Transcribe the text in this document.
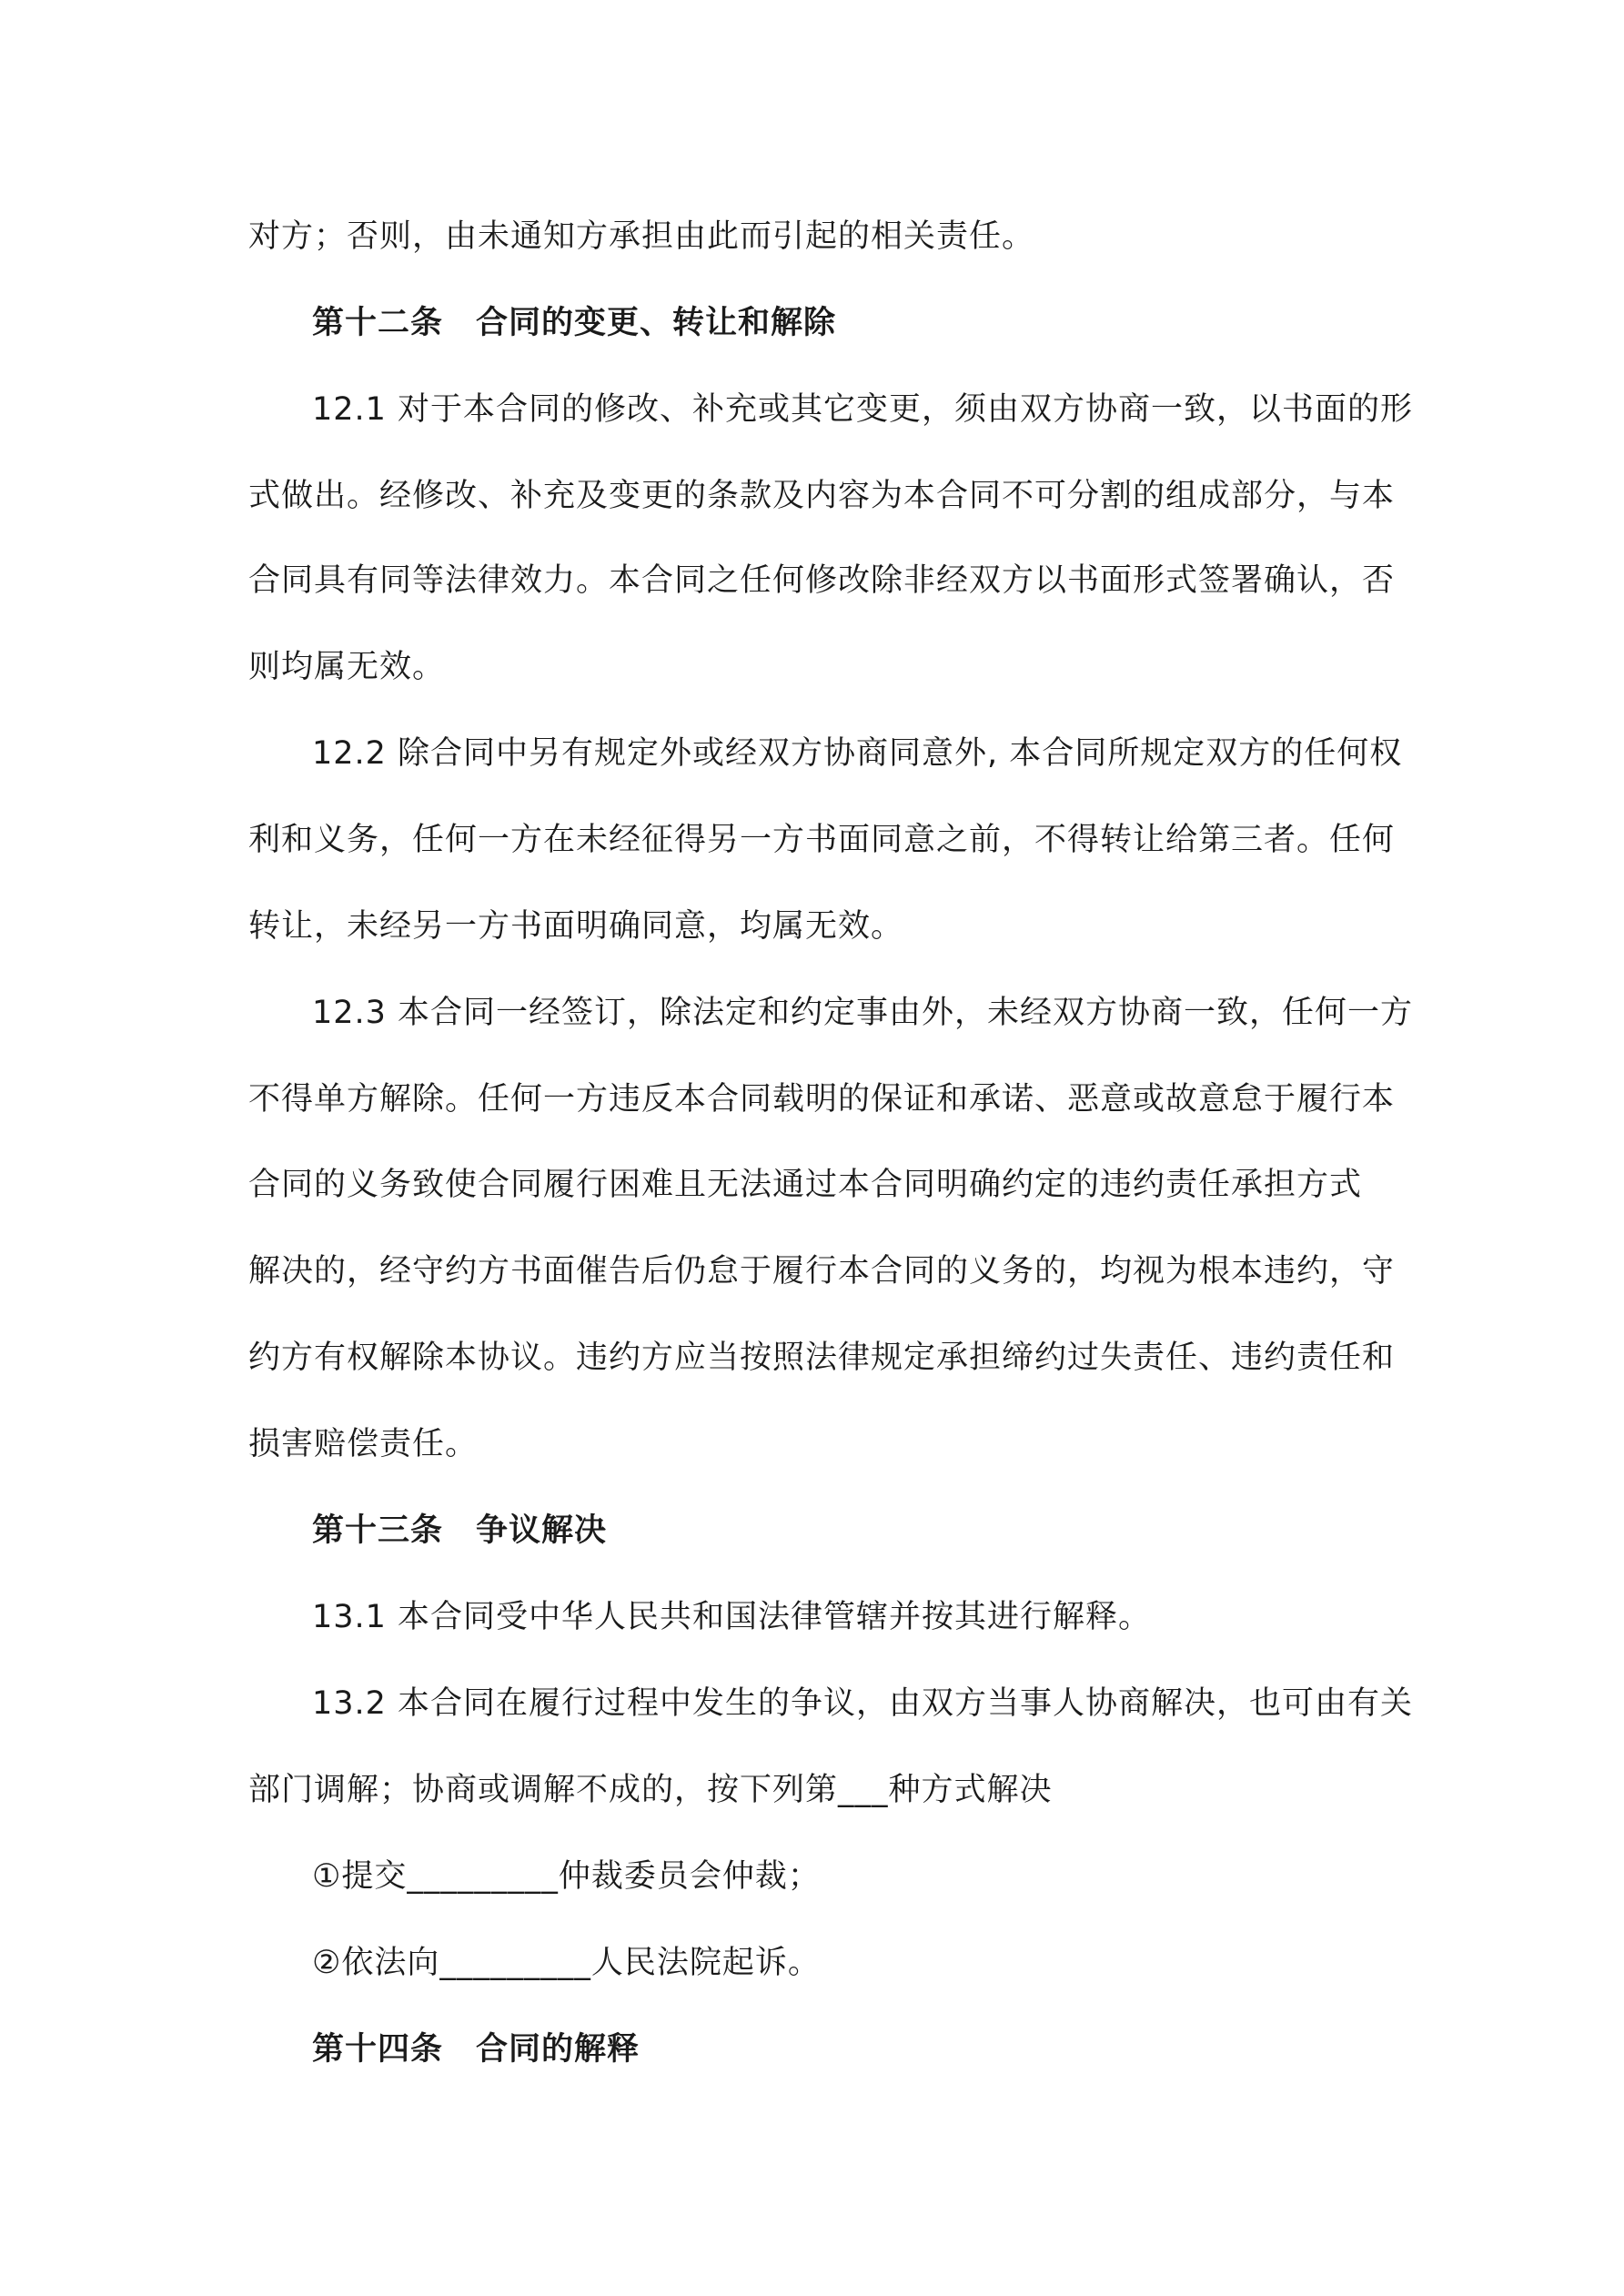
对方；否则，由未通知方承担由此而引起的相关责任。
第十二条　合同的变更、转让和解除
12.1 对于本合同的修改、补充或其它变更，须由双方协商一致，以书面的形
式做出。经修改、补充及变更的条款及内容为本合同不可分割的组成部分，与本
合同具有同等法律效力。本合同之任何修改除非经双方以书面形式签署确认，否
则均属无效。
12.2 除合同中另有规定外或经双方协商同意外, 本合同所规定双方的任何权
利和义务，任何一方在未经征得另一方书面同意之前，不得转让给第三者。任何
转让，未经另一方书面明确同意，均属无效。
12.3 本合同一经签订，除法定和约定事由外，未经双方协商一致，任何一方
不得单方解除。任何一方违反本合同载明的保证和承诺、恶意或故意怠于履行本
合同的义务致使合同履行困难且无法通过本合同明确约定的违约责任承担方式
解决的，经守约方书面催告后仍怠于履行本合同的义务的，均视为根本违约，守
约方有权解除本协议。违约方应当按照法律规定承担缔约过失责任、违约责任和
损害赔偿责任。
第十三条　争议解决
13.1 本合同受中华人民共和国法律管辖并按其进行解释。
13.2 本合同在履行过程中发生的争议，由双方当事人协商解决，也可由有关
部门调解；协商或调解不成的，按下列第___种方式解决
①提交_________仲裁委员会仲裁；
②依法向_________人民法院起诉。
第十四条　合同的解释
